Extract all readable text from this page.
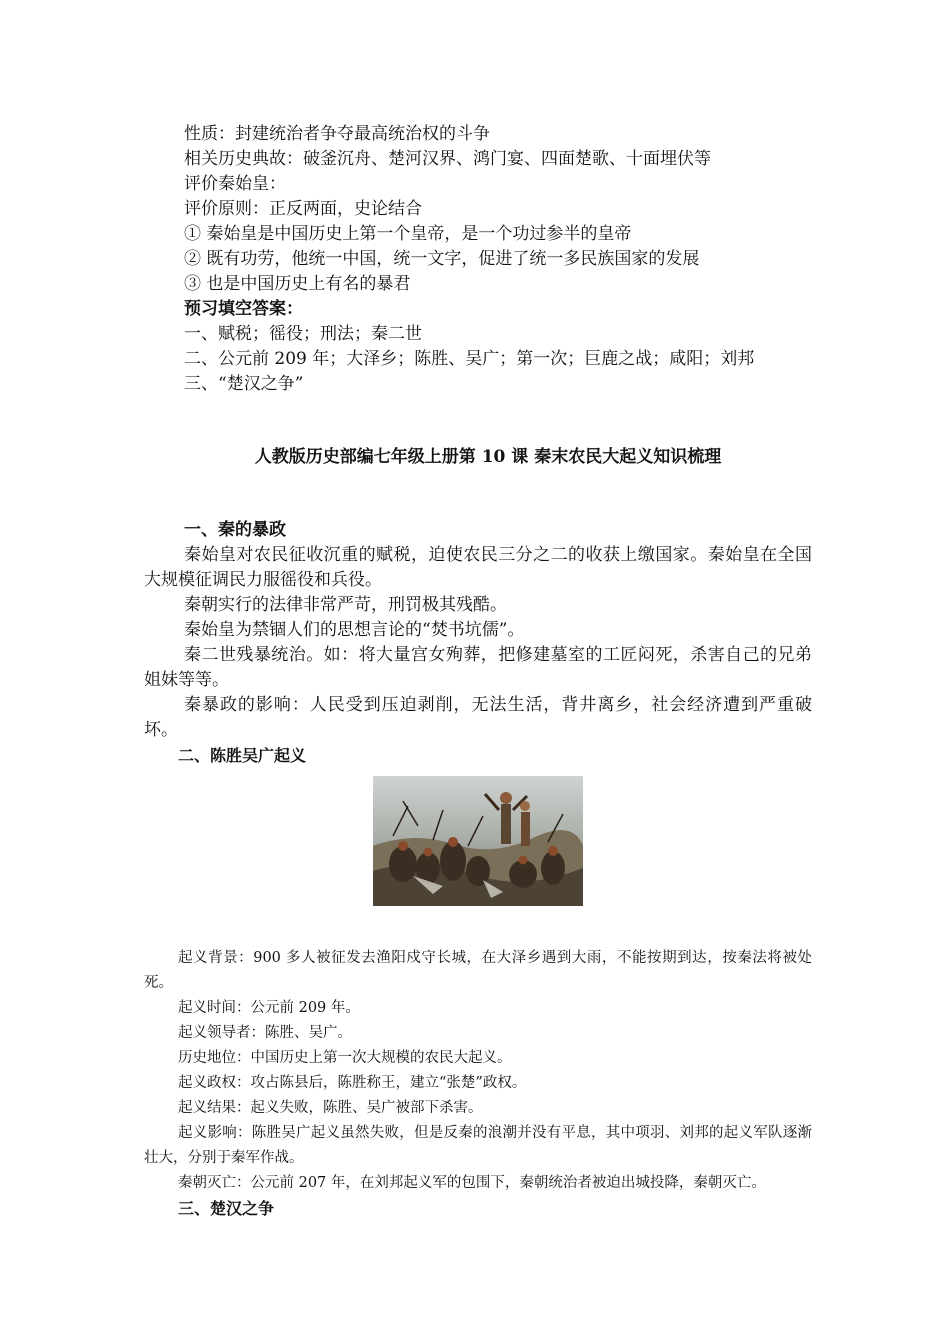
性质：封建统治者争夺最高统治权的斗争
相关历史典故：破釜沉舟、楚河汉界、鸿门宴、四面楚歌、十面埋伏等
评价秦始皇：
评价原则：正反两面，史论结合
① 秦始皇是中国历史上第一个皇帝，是一个功过参半的皇帝
② 既有功劳，他统一中国，统一文字，促进了统一多民族国家的发展
③ 也是中国历史上有名的暴君
预习填空答案：
一、赋税；徭役；刑法；秦二世
二、公元前 209 年；大泽乡；陈胜、吴广；第一次；巨鹿之战；咸阳；刘邦
三、“楚汉之争”
人教版历史部编七年级上册第 10 课 秦末农民大起义知识梳理
一、秦的暴政
秦始皇对农民征收沉重的赋税，迫使农民三分之二的收获上缴国家。秦始皇在全国大规模征调民力服徭役和兵役。
秦朝实行的法律非常严苛，刑罚极其残酷。
秦始皇为禁锢人们的思想言论的“焚书坑儒”。
秦二世残暴统治。如：将大量宫女殉葬，把修建墓室的工匠闷死，杀害自己的兄弟姐妹等等。
秦暴政的影响：人民受到压迫剥削，无法生活，背井离乡，社会经济遭到严重破坏。
二、陈胜吴广起义
起义背景：900 多人被征发去渔阳戍守长城，在大泽乡遇到大雨，不能按期到达，按秦法将被处死。
起义时间：公元前 209 年。
起义领导者：陈胜、吴广。
历史地位：中国历史上第一次大规模的农民大起义。
起义政权：攻占陈县后，陈胜称王，建立“张楚”政权。
起义结果：起义失败，陈胜、吴广被部下杀害。
起义影响：陈胜吴广起义虽然失败，但是反秦的浪潮并没有平息，其中项羽、刘邦的起义军队逐渐壮大，分别于秦军作战。
秦朝灭亡：公元前 207 年，在刘邦起义军的包围下，秦朝统治者被迫出城投降，秦朝灭亡。
三、楚汉之争
